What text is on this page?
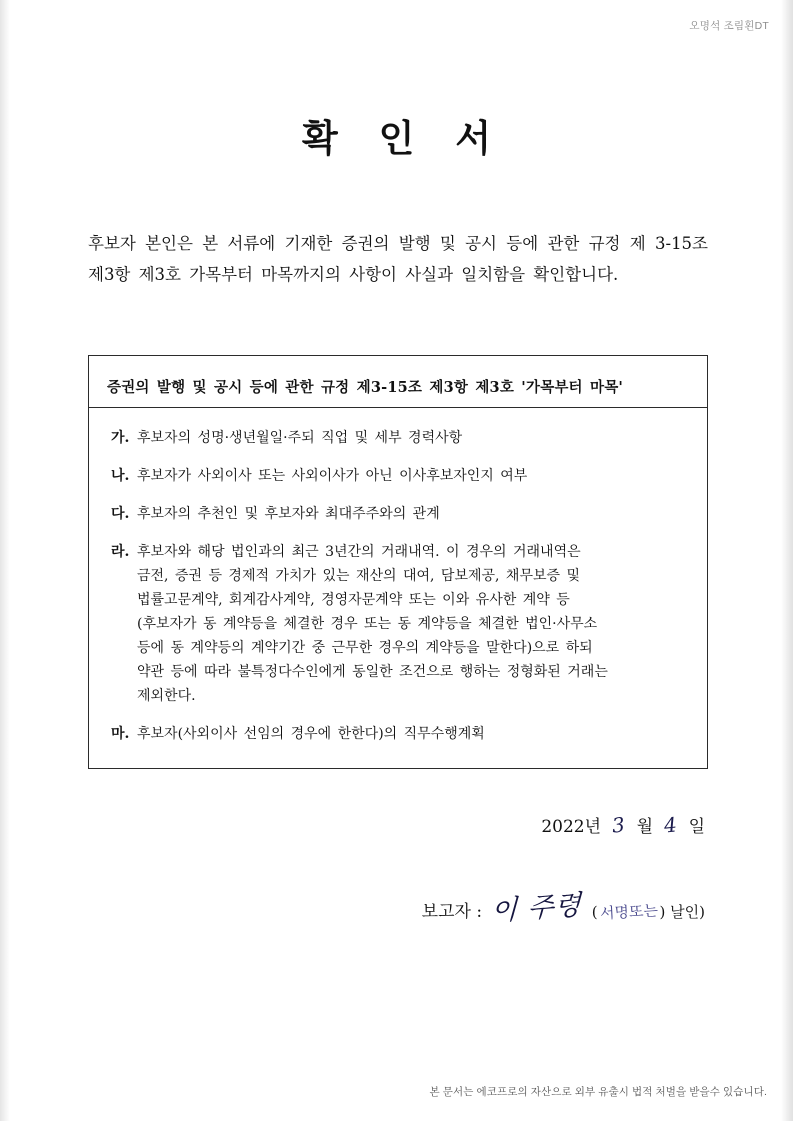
오명석 조림횐DT
확 인 서
후보자 본인은 본 서류에 기재한 증권의 발행 및 공시 등에 관한 규정 제 3-15조 제3항 제3호 가목부터 마목까지의 사항이 사실과 일치함을 확인합니다.
증권의 발행 및 공시 등에 관한 규정 제3-15조 제3항 제3호 '가목부터 마목'
가. 후보자의 성명·생년월일·주되 직업 및 세부 경력사항
나. 후보자가 사외이사 또는 사외이사가 아닌 이사후보자인지 여부
다. 후보자의 추천인 및 후보자와 최대주주와의 관계
라. 후보자와 해당 법인과의 최근 3년간의 거래내역. 이 경우의 거래내역은
금전, 증권 등 경제적 가치가 있는 재산의 대여, 담보제공, 채무보증 및
법률고문계약, 회계감사계약, 경영자문계약 또는 이와 유사한 계약 등
(후보자가 동 계약등을 체결한 경우 또는 동 계약등을 체결한 법인·사무소
등에 동 계약등의 계약기간 중 근무한 경우의 계약등을 말한다)으로 하되
약관 등에 따라 불특정다수인에게 동일한 조건으로 행하는 정형화된 거래는
제외한다.
마. 후보자(사외이사 선임의 경우에 한한다)의 직무수행계획
2022년 3 월 4 일
보고자 : 이 주령 ( 서명또는 ) 날인)
본 문서는 에코프로의 자산으로 외부 유출시 법적 처벌을 받을수 있습니다.
